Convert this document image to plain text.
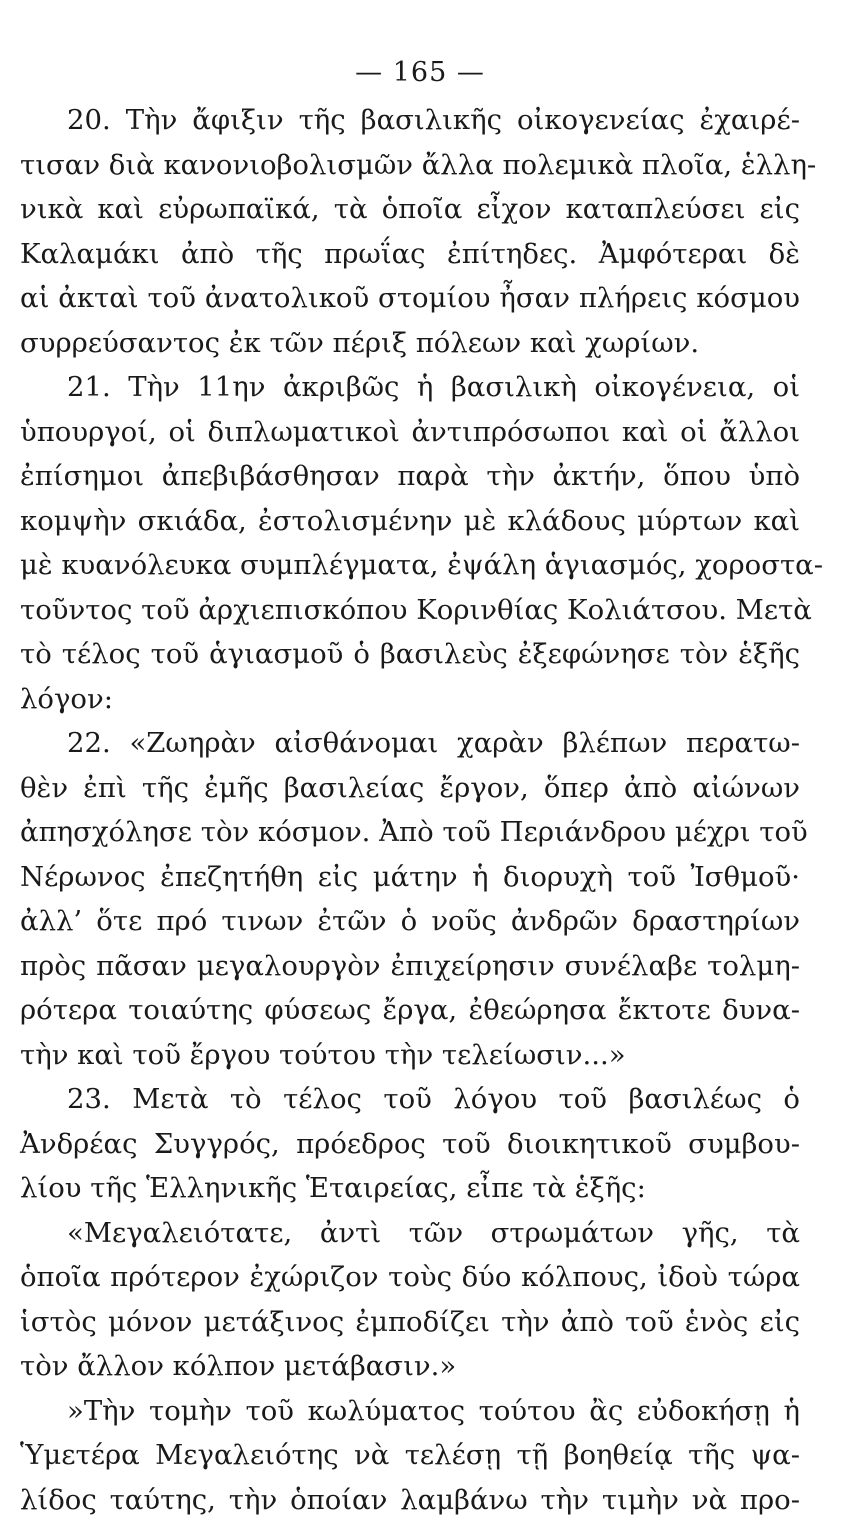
— 165 —
20. Τὴν ἄφιξιν τῆς βασιλικῆς οἰκογενείας ἐχαιρέ-
τισαν διὰ κανονιοβολισμῶν ἄλλα πολεμικὰ πλοῖα, ἑλλη-
νικὰ καὶ εὐρωπαϊκά, τὰ ὁποῖα εἶχον καταπλεύσει εἰς
Καλαμάκι ἀπὸ τῆς πρωΐας ἐπίτηδες. Ἀμφότεραι δὲ
αἱ ἀκταὶ τοῦ ἀνατολικοῦ στομίου ἦσαν πλήρεις κόσμου
συρρεύσαντος ἐκ τῶν πέριξ πόλεων καὶ χωρίων.
21. Τὴν 11ην ἀκριβῶς ἡ βασιλικὴ οἰκογένεια, οἱ
ὑπουργοί, οἱ διπλωματικοὶ ἀντιπρόσωποι καὶ οἱ ἄλλοι
ἐπίσημοι ἀπεβιβάσθησαν παρὰ τὴν ἀκτήν, ὅπου ὑπὸ
κομψὴν σκιάδα, ἐστολισμένην μὲ κλάδους μύρτων καὶ
μὲ κυανόλευκα συμπλέγματα, ἐψάλη ἁγιασμός, χοροστα-
τοῦντος τοῦ ἀρχιεπισκόπου Κορινθίας Κολιάτσου. Μετὰ
τὸ τέλος τοῦ ἁγιασμοῦ ὁ βασιλεὺς ἐξεφώνησε τὸν ἑξῆς
λόγον:
22. «Ζωηρὰν αἰσθάνομαι χαρὰν βλέπων περατω-
θὲν ἐπὶ τῆς ἐμῆς βασιλείας ἔργον, ὅπερ ἀπὸ αἰώνων
ἀπησχόλησε τὸν κόσμον. Ἀπὸ τοῦ Περιάνδρου μέχρι τοῦ
Νέρωνος ἐπεζητήθη εἰς μάτην ἡ διορυχὴ τοῦ Ἰσθμοῦ·
ἀλλ’ ὅτε πρό τινων ἐτῶν ὁ νοῦς ἀνδρῶν δραστηρίων
πρὸς πᾶσαν μεγαλουργὸν ἐπιχείρησιν συνέλαβε τολμη-
ρότερα τοιαύτης φύσεως ἔργα, ἐθεώρησα ἔκτοτε δυνα-
τὴν καὶ τοῦ ἔργου τούτου τὴν τελείωσιν...»
23. Μετὰ τὸ τέλος τοῦ λόγου τοῦ βασιλέως ὁ
Ἀνδρέας Συγγρός, πρόεδρος τοῦ διοικητικοῦ συμβου-
λίου τῆς Ἑλληνικῆς Ἑταιρείας, εἶπε τὰ ἑξῆς:
«Μεγαλειότατε, ἀντὶ τῶν στρωμάτων γῆς, τὰ
ὁποῖα πρότερον ἐχώριζον τοὺς δύο κόλπους, ἰδοὺ τώρα
ἱστὸς μόνον μετάξινος ἐμποδίζει τὴν ἀπὸ τοῦ ἑνὸς εἰς
τὸν ἄλλον κόλπον μετάβασιν.»
»Τὴν τομὴν τοῦ κωλύματος τούτου ἂς εὐδοκήσῃ ἡ
Ὑμετέρα Μεγαλειότης νὰ τελέσῃ τῇ βοηθείᾳ τῆς ψα-
λίδος ταύτης, τὴν ὁποίαν λαμβάνω τὴν τιμὴν νὰ προ-
